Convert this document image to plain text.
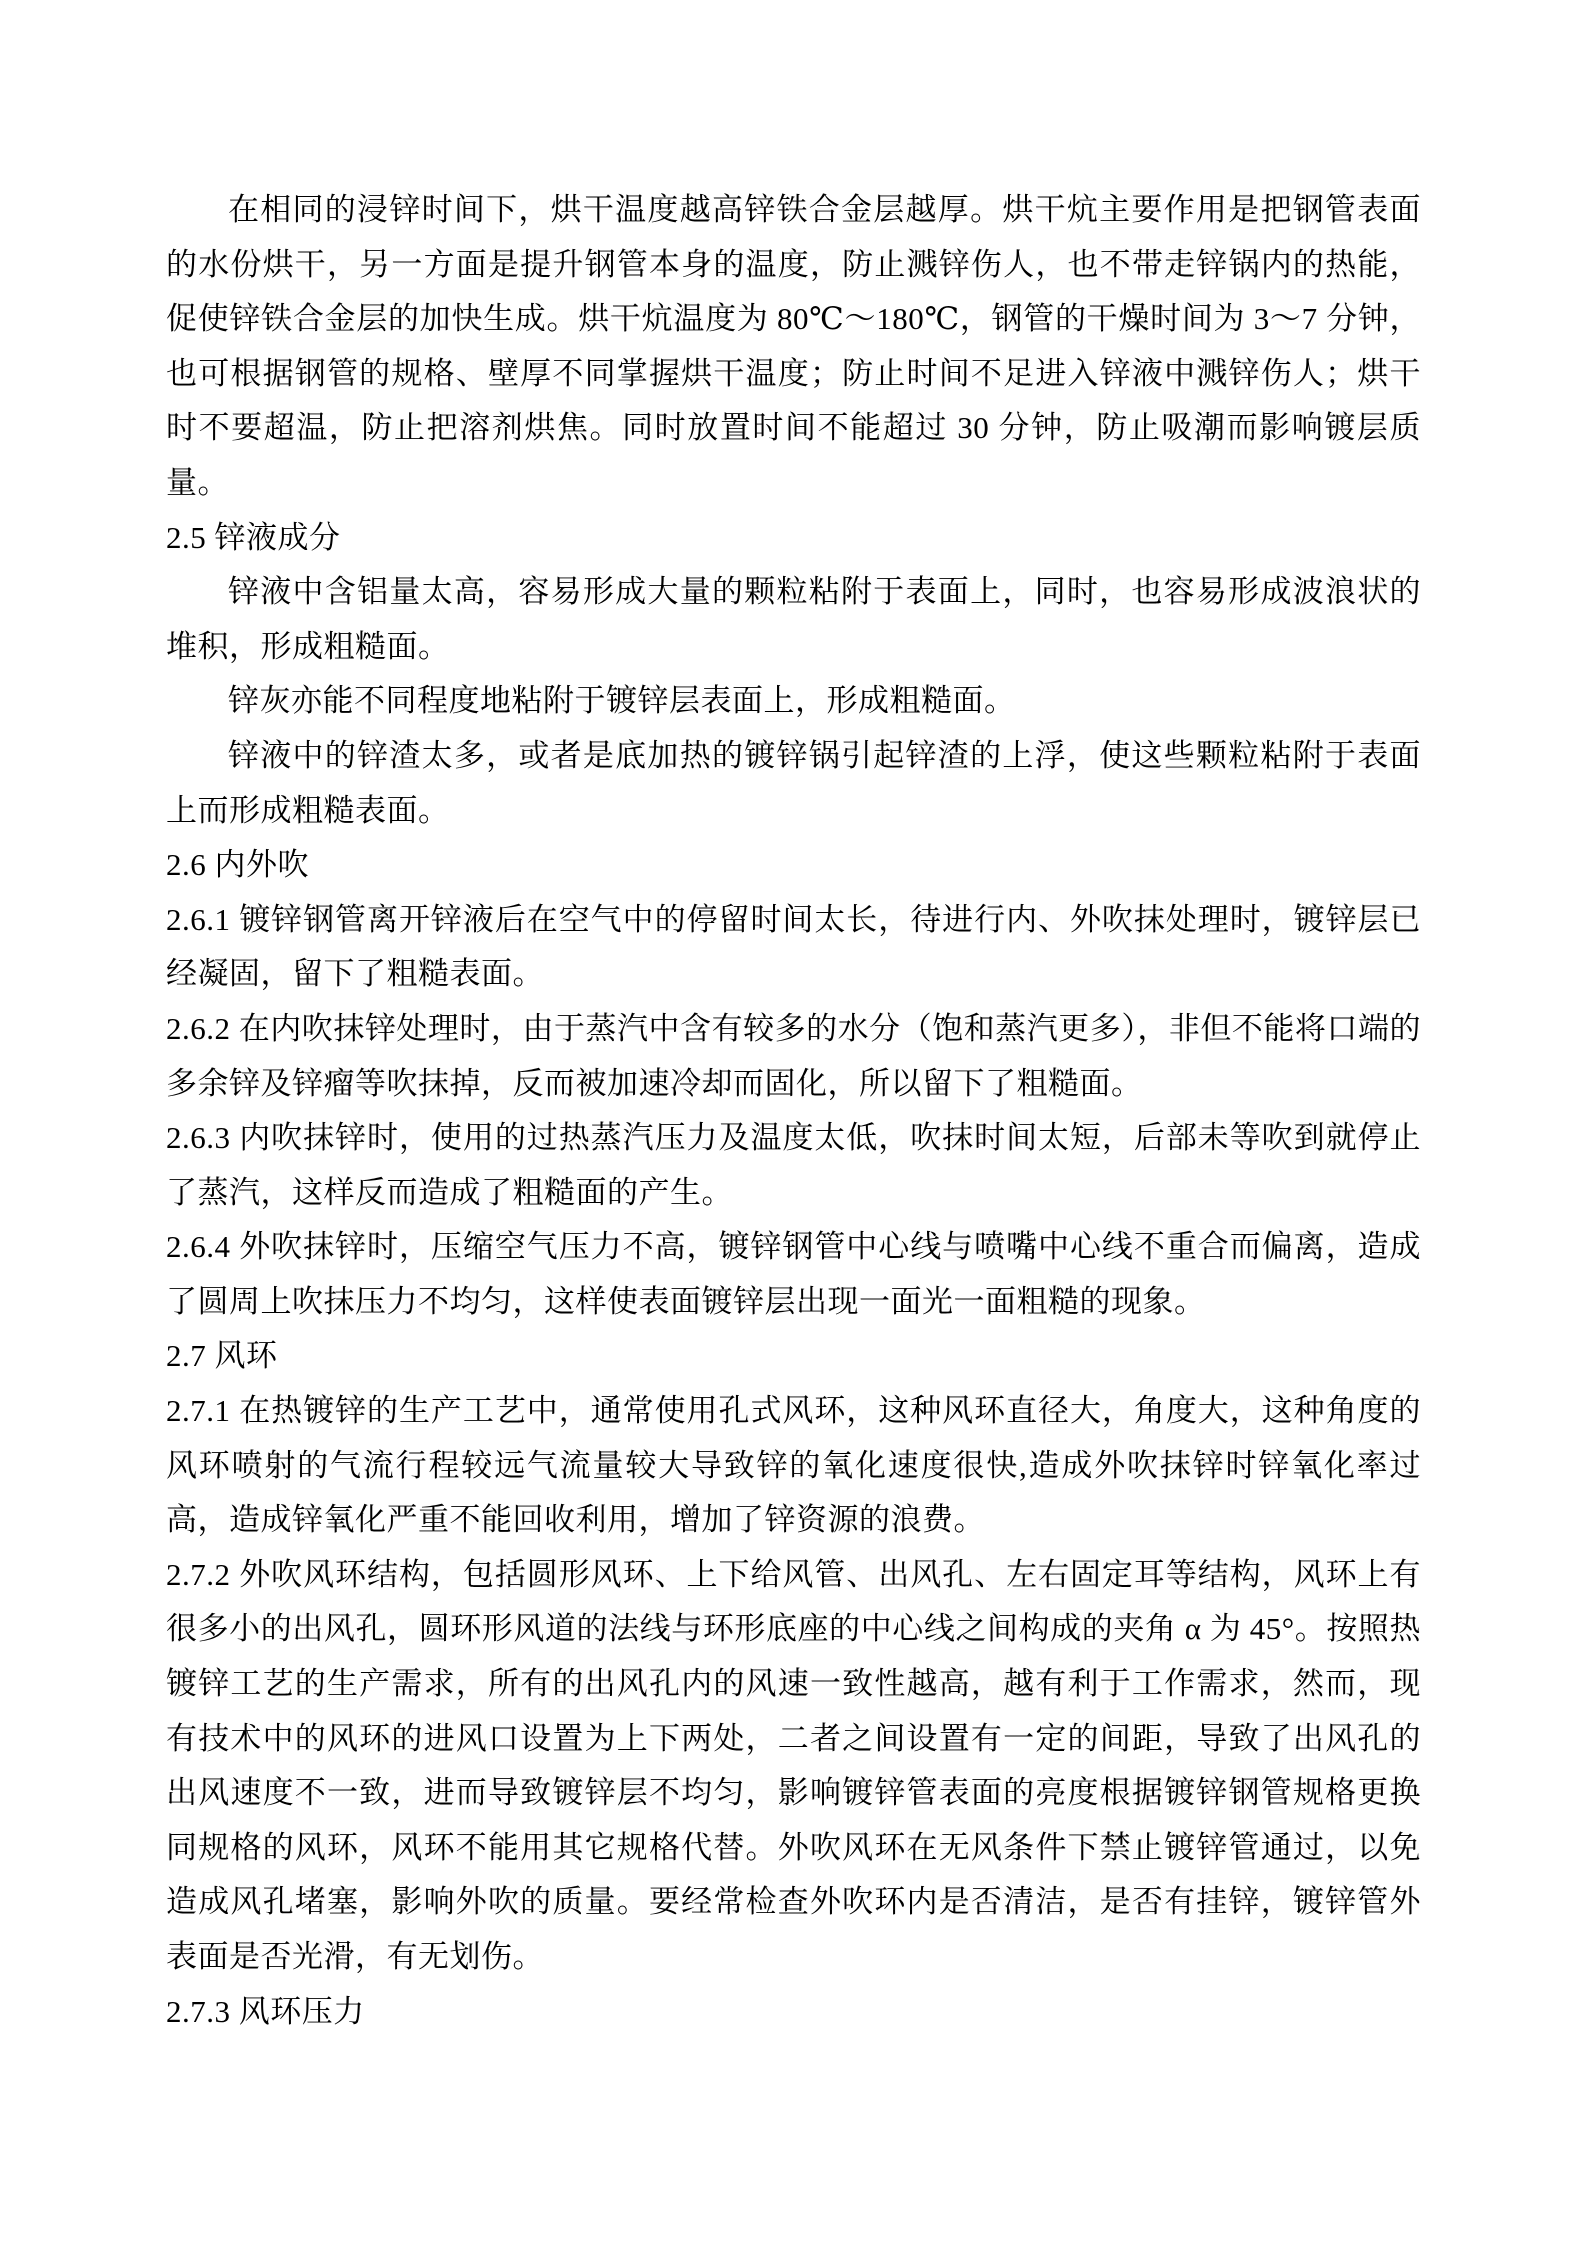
在相同的浸锌时间下，烘干温度越高锌铁合金层越厚。烘干炕主要作用是把钢管表面的水份烘干，另一方面是提升钢管本身的温度，防止溅锌伤人，也不带走锌锅内的热能，促使锌铁合金层的加快生成。烘干炕温度为 80℃～180℃，钢管的干燥时间为 3～7 分钟，也可根据钢管的规格、壁厚不同掌握烘干温度；防止时间不足进入锌液中溅锌伤人；烘干时不要超温，防止把溶剂烘焦。同时放置时间不能超过 30 分钟，防止吸潮而影响镀层质量。

2.5 锌液成分

锌液中含铝量太高，容易形成大量的颗粒粘附于表面上，同时，也容易形成波浪状的堆积，形成粗糙面。

锌灰亦能不同程度地粘附于镀锌层表面上，形成粗糙面。

锌液中的锌渣太多，或者是底加热的镀锌锅引起锌渣的上浮，使这些颗粒粘附于表面上而形成粗糙表面。

2.6 内外吹

2.6.1 镀锌钢管离开锌液后在空气中的停留时间太长，待进行内、外吹抹处理时，镀锌层已经凝固，留下了粗糙表面。

2.6.2 在内吹抹锌处理时，由于蒸汽中含有较多的水分（饱和蒸汽更多），非但不能将口端的多余锌及锌瘤等吹抹掉，反而被加速冷却而固化，所以留下了粗糙面。

2.6.3 内吹抹锌时，使用的过热蒸汽压力及温度太低，吹抹时间太短，后部未等吹到就停止了蒸汽，这样反而造成了粗糙面的产生。

2.6.4 外吹抹锌时，压缩空气压力不高，镀锌钢管中心线与喷嘴中心线不重合而偏离，造成了圆周上吹抹压力不均匀，这样使表面镀锌层出现一面光一面粗糙的现象。

2.7 风环

2.7.1 在热镀锌的生产工艺中，通常使用孔式风环，这种风环直径大，角度大，这种角度的风环喷射的气流行程较远气流量较大导致锌的氧化速度很快,造成外吹抹锌时锌氧化率过高，造成锌氧化严重不能回收利用，增加了锌资源的浪费。

2.7.2 外吹风环结构，包括圆形风环、上下给风管、出风孔、左右固定耳等结构，风环上有很多小的出风孔，圆环形风道的法线与环形底座的中心线之间构成的夹角 α 为 45°。按照热镀锌工艺的生产需求，所有的出风孔内的风速一致性越高，越有利于工作需求，然而，现有技术中的风环的进风口设置为上下两处，二者之间设置有一定的间距，导致了出风孔的出风速度不一致，进而导致镀锌层不均匀，影响镀锌管表面的亮度根据镀锌钢管规格更换同规格的风环，风环不能用其它规格代替。外吹风环在无风条件下禁止镀锌管通过，以免造成风孔堵塞，影响外吹的质量。要经常检查外吹环内是否清洁，是否有挂锌，镀锌管外表面是否光滑，有无划伤。

2.7.3 风环压力
